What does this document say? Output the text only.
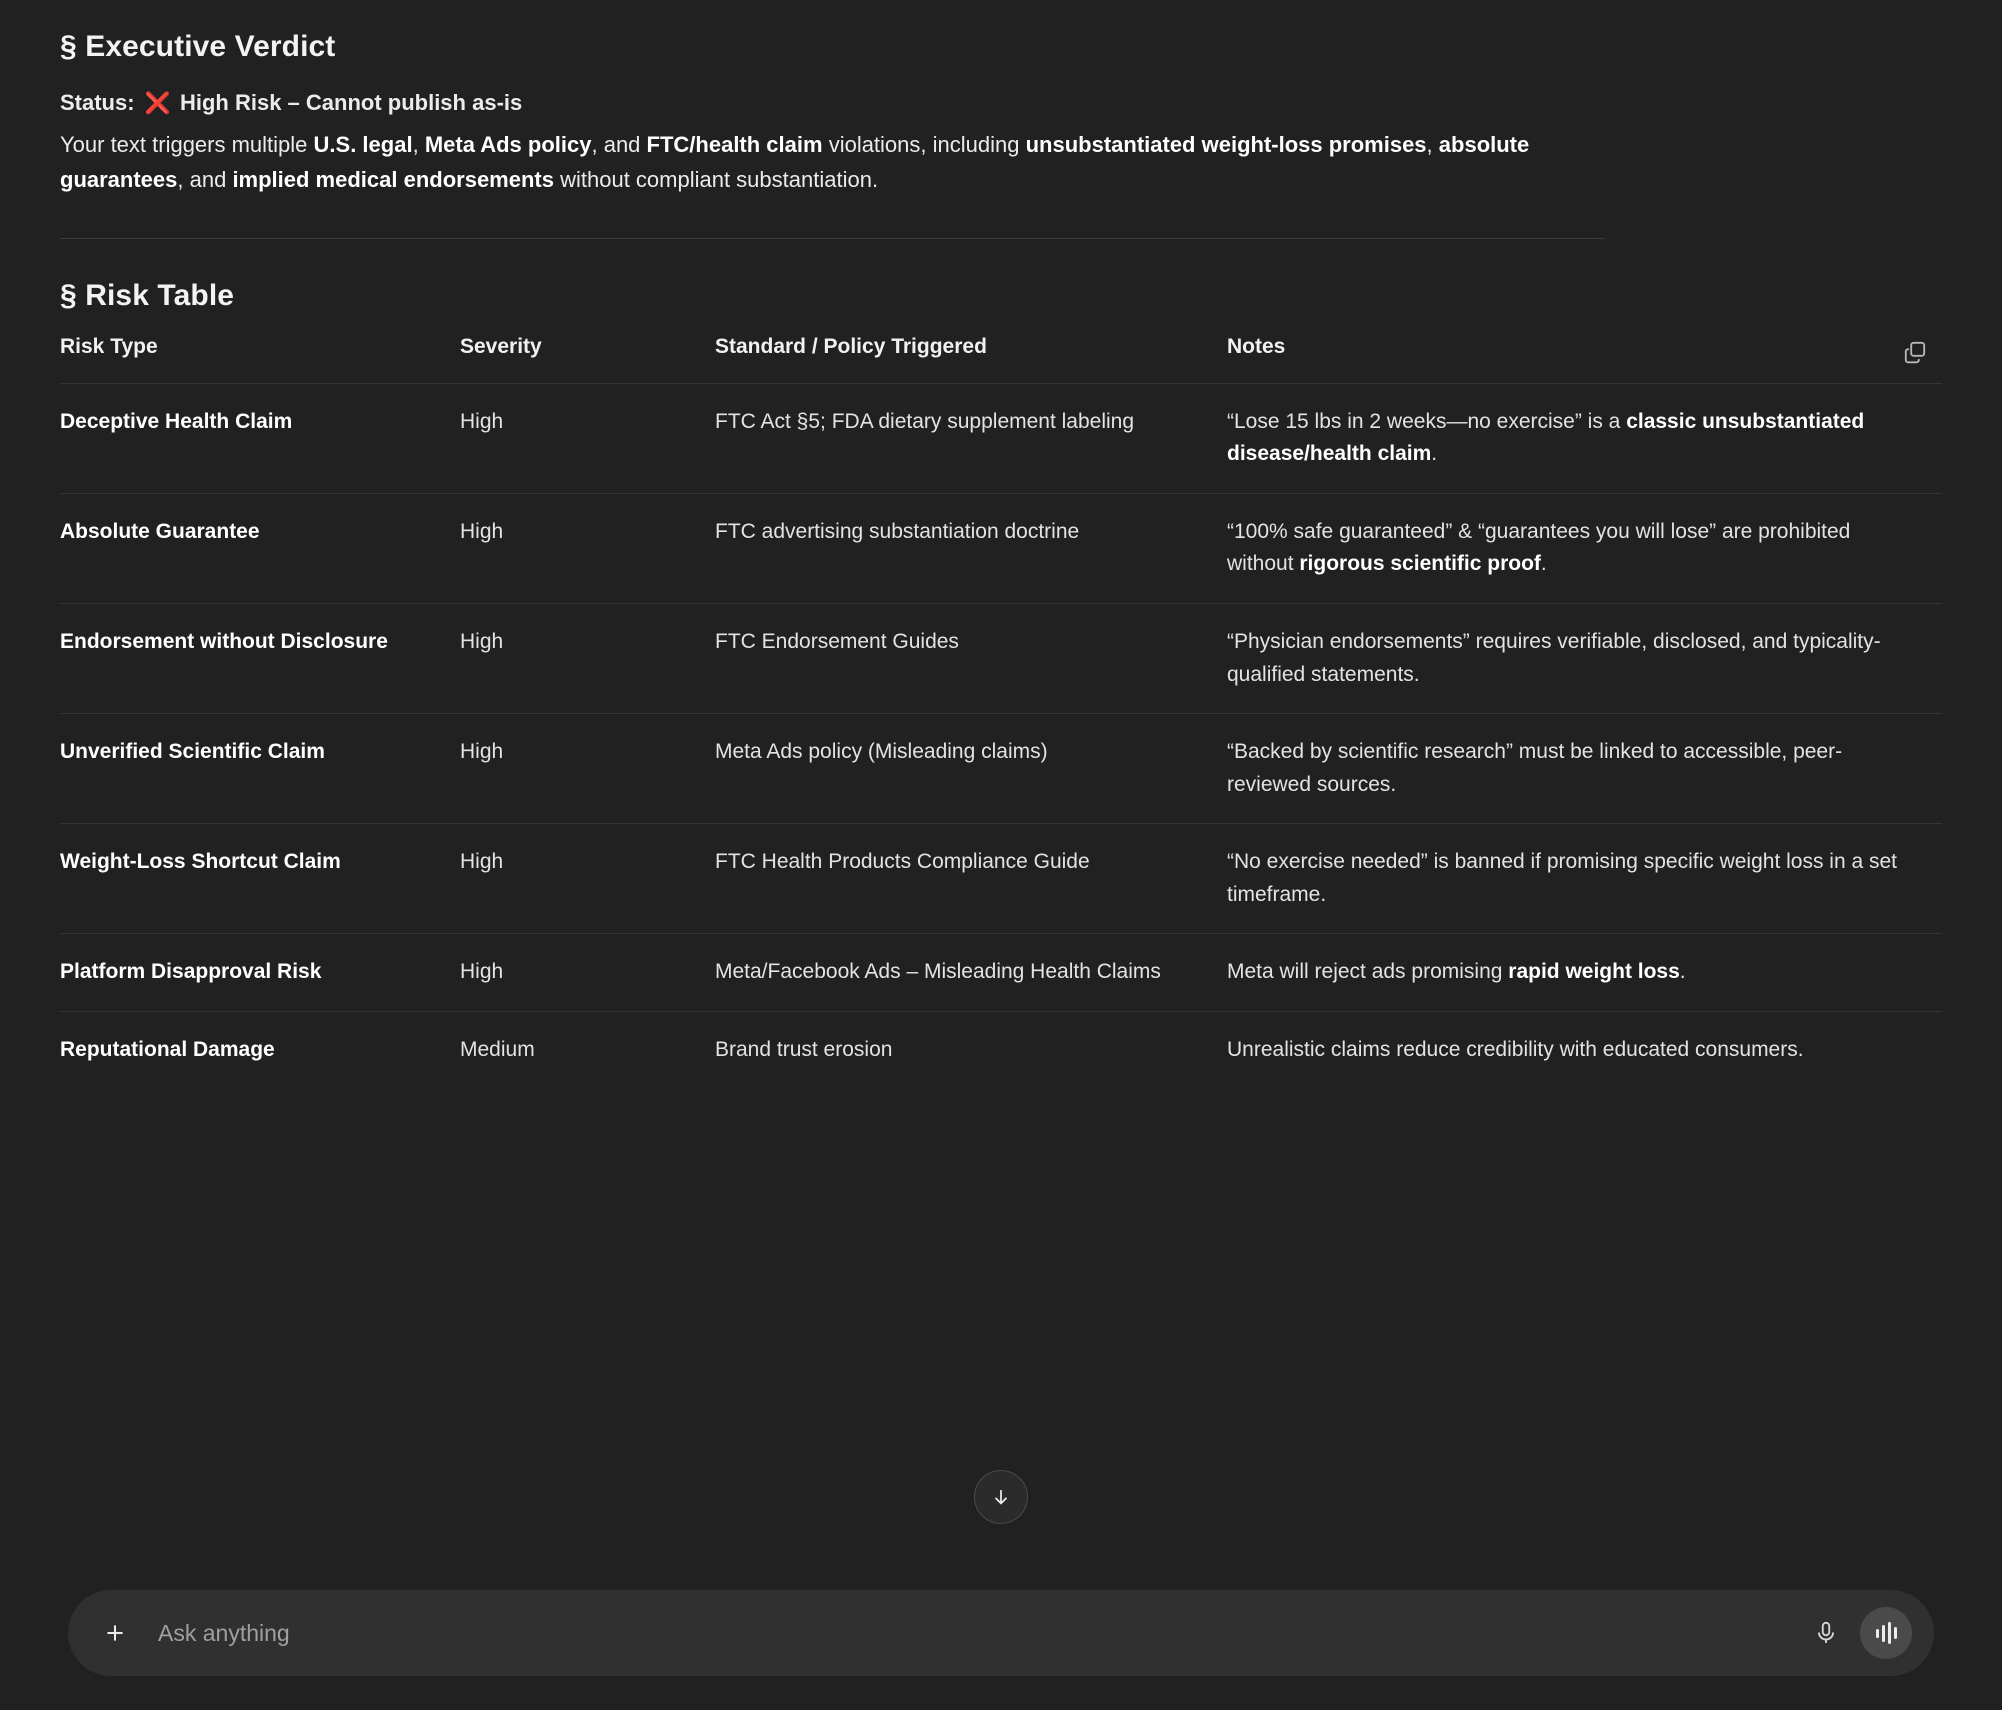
§ Executive Verdict

Status: ❌ High Risk – Cannot publish as-is

Your text triggers multiple U.S. legal, Meta Ads policy, and FTC/health claim violations, including unsubstantiated weight-loss promises, absolute guarantees, and implied medical endorsements without compliant substantiation.

§ Risk Table
Risk Type	Severity	Standard / Policy Triggered	Notes
Deceptive Health Claim	High	FTC Act §5; FDA dietary supplement labeling	“Lose 15 lbs in 2 weeks—no exercise” is a classic unsubstantiated disease/health claim.
Absolute Guarantee	High	FTC advertising substantiation doctrine	“100% safe guaranteed” & “guarantees you will lose” are prohibited without rigorous scientific proof.
Endorsement without Disclosure	High	FTC Endorsement Guides	“Physician endorsements” requires verifiable, disclosed, and typicality-qualified statements.
Unverified Scientific Claim	High	Meta Ads policy (Misleading claims)	“Backed by scientific research” must be linked to accessible, peer-reviewed sources.
Weight-Loss Shortcut Claim	High	FTC Health Products Compliance Guide	“No exercise needed” is banned if promising specific weight loss in a set timeframe.
Platform Disapproval Risk	High	Meta/Facebook Ads – Misleading Health Claims	Meta will reject ads promising rapid weight loss.
Reputational Damage	Medium	Brand trust erosion	Unrealistic claims reduce credibility with educated consumers.
Ask anything
